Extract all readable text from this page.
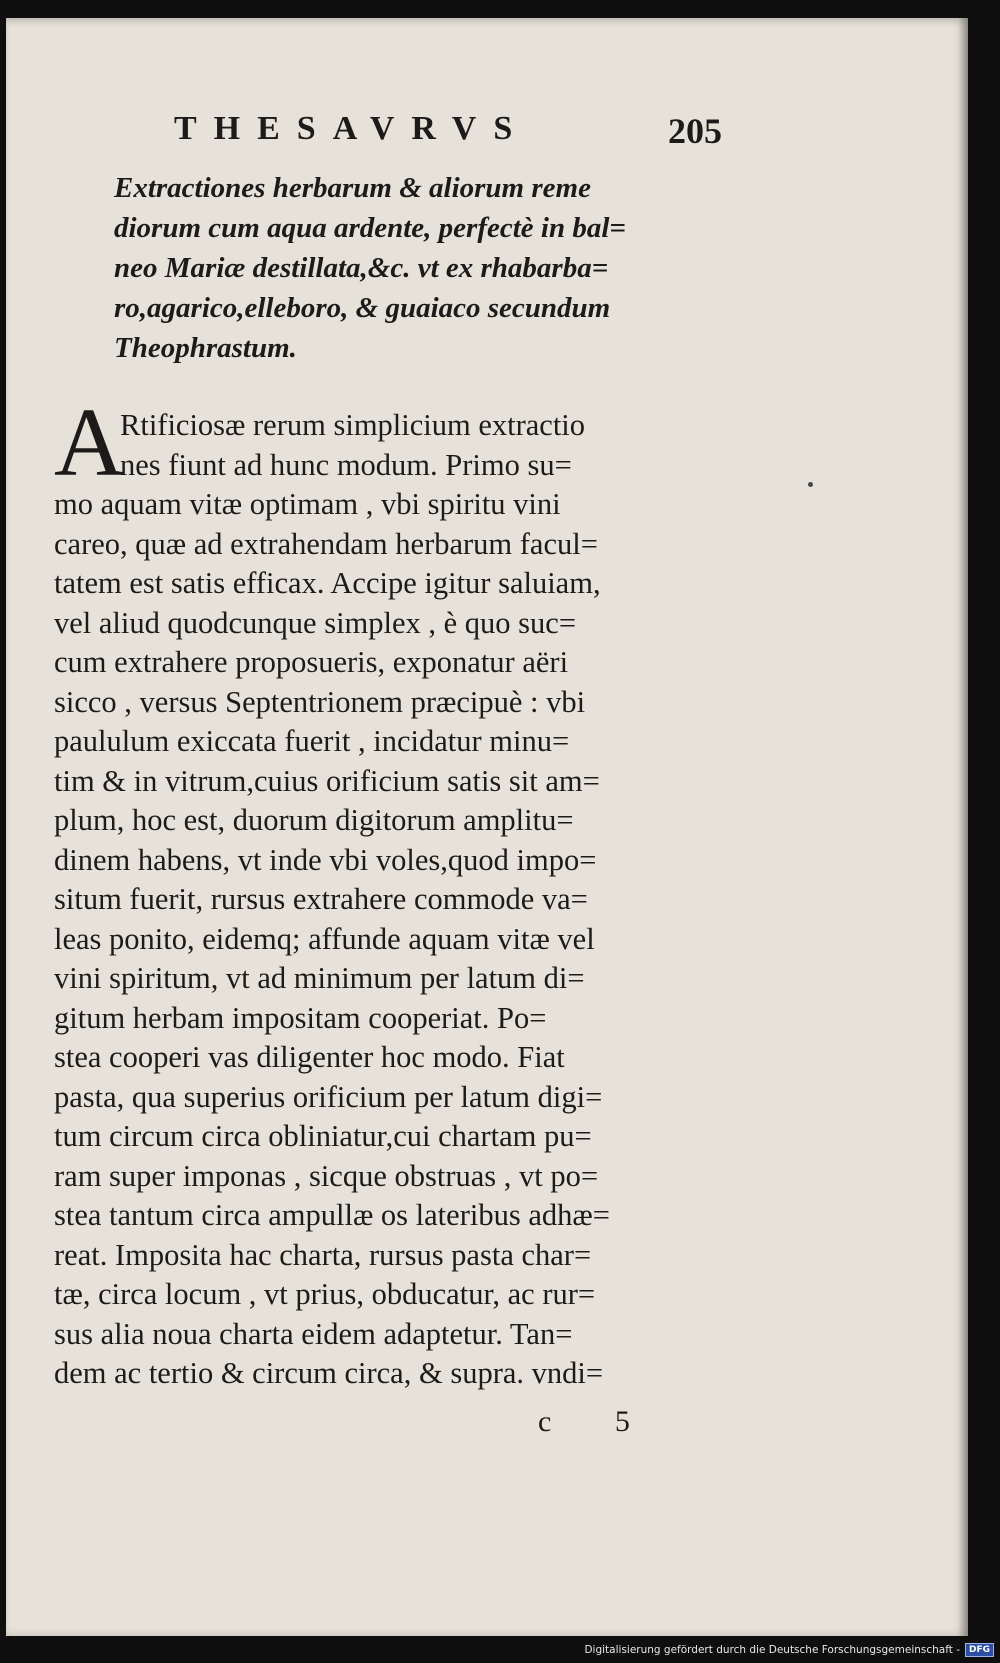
THESAVRVS	205
Extractiones herbarum & aliorum reme
diorum cum aqua ardente, perfectè in bal=
neo Mariæ destillata,&c. vt ex rhabarba=
ro,agarico,elleboro, & guaiaco secundum
Theophrastum.
A
Rtificiosæ rerum simplicium extractio
nes fiunt ad hunc modum. Primo su=
mo aquam vitæ optimam , vbi spiritu vini
careo, quæ ad extrahendam herbarum facul=
tatem est satis efficax. Accipe igitur saluiam,
vel aliud quodcunque simplex , è quo suc=
cum extrahere proposueris, exponatur aëri
sicco , versus Septentrionem præcipuè : vbi
paululum exiccata fuerit , incidatur minu=
tim & in vitrum,cuius orificium satis sit am=
plum, hoc est, duorum digitorum amplitu=
dinem habens, vt inde vbi voles,quod impo=
situm fuerit, rursus extrahere commode va=
leas ponito, eidemq; affunde aquam vitæ vel
vini spiritum, vt ad minimum per latum di=
gitum herbam impositam cooperiat. Po=
stea cooperi vas diligenter hoc modo. Fiat
pasta, qua superius orificium per latum digi=
tum circum circa obliniatur,cui chartam pu=
ram super imponas , sicque obstruas , vt po=
stea tantum circa ampullæ os lateribus adhæ=
reat. Imposita hac charta, rursus pasta char=
tæ, circa locum , vt prius, obducatur, ac rur=
sus alia noua charta eidem adaptetur. Tan=
dem ac tertio & circum circa, & supra. vndi=
c 5
Digitalisierung gefördert durch die Deutsche Forschungsgemeinschaft -	DFG
